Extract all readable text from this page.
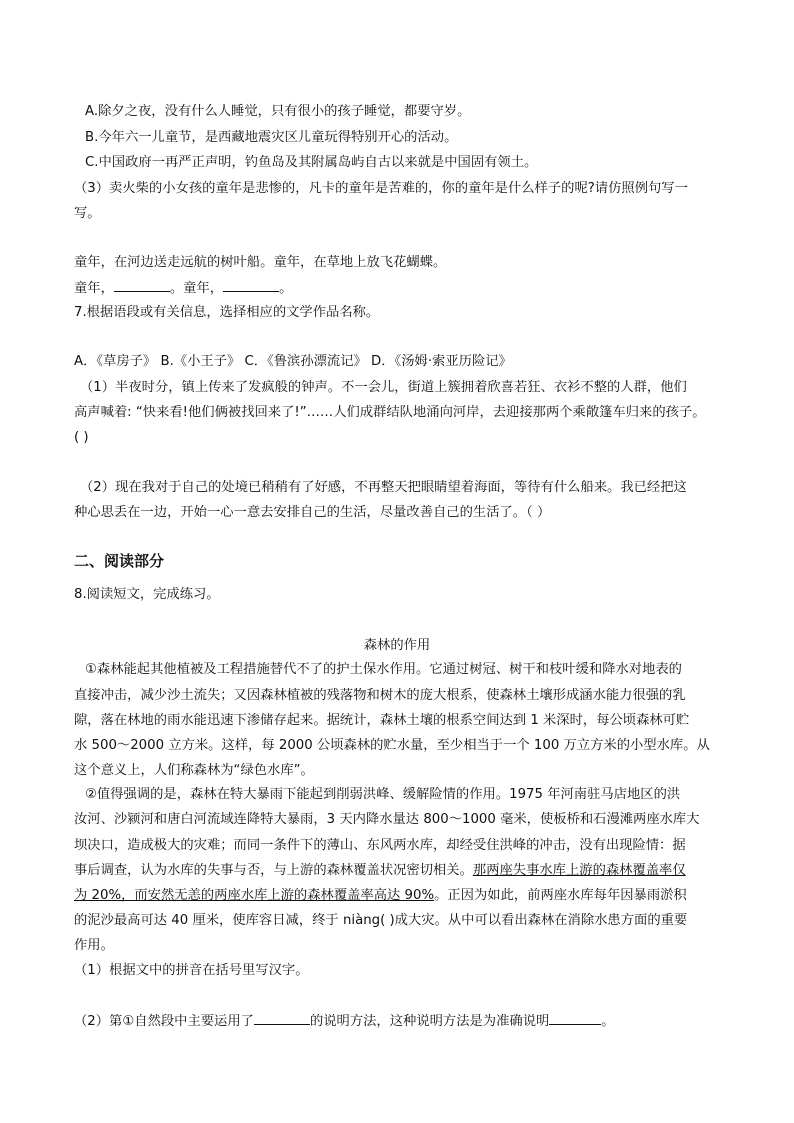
A.除夕之夜，没有什么人睡觉，只有很小的孩子睡觉，都要守岁。
B.今年六一儿童节，是西藏地震灾区儿童玩得特别开心的活动。
C.中国政府一再严正声明，钓鱼岛及其附属岛屿自古以来就是中国固有领土。
（3）卖火柴的小女孩的童年是悲惨的，凡卡的童年是苦难的，你的童年是什么样子的呢?请仿照例句写一
写。
童年，在河边送走远航的树叶船。童年，在草地上放飞花蝴蝶。
童年，	。童年，	。
7.根据语段或有关信息，选择相应的文学作品名称。
A．《草房子》 B.《小王子》 C．《鲁滨孙漂流记》 D．《汤姆·索亚历险记》
（1）半夜时分，镇上传来了发疯般的钟声。不一会儿，街道上簇拥着欣喜若狂、衣衫不整的人群，他们
高声喊着: “快来看!他们俩被找回来了!”……人们成群结队地涌向河岸，去迎接那两个乘敞篷车归来的孩子。
( )
（2）现在我对于自己的处境已稍稍有了好感，不再整天把眼睛望着海面，等待有什么船来。我已经把这
种心思丢在一边，开始一心一意去安排自己的生活，尽量改善自己的生活了。（ ）
二、阅读部分
8.阅读短文，完成练习。
森林的作用
①森林能起其他植被及工程措施替代不了的护土保水作用。它通过树冠、树干和枝叶缓和降水对地表的
直接冲击，减少沙土流失；又因森林植被的残落物和树木的庞大根系，使森林土壤形成涵水能力很强的乳
隙，落在林地的雨水能迅速下渗储存起来。据统计，森林土壤的根系空间达到 1 米深时，每公顷森林可贮
水 500～2000 立方米。这样，每 2000 公顷森林的贮水量，至少相当于一个 100 万立方米的小型水库。从
这个意义上，人们称森林为“绿色水库”。
②值得强调的是，森林在特大暴雨下能起到削弱洪峰、缓解险情的作用。1975 年河南驻马店地区的洪
汝河、沙颍河和唐白河流域连降特大暴雨，3 天内降水量达 800～1000 毫米，使板桥和石漫滩两座水库大
坝决口，造成极大的灾难；而同一条件下的薄山、东风两水库，却经受住洪峰的冲击，没有出现险情：据
事后调查，认为水库的失事与否，与上游的森林覆盖状况密切相关。那两座失事水库上游的森林覆盖率仅
为 20%，而安然无恙的两座水库上游的森林覆盖率高达 90%。正因为如此，前两座水库每年因暴雨淤积
的泥沙最高可达 40 厘米，使库容日减，终于 niàng( )成大灾。从中可以看出森林在消除水患方面的重要
作用。
（1）根据文中的拼音在括号里写汉字。
（2）第①自然段中主要运用了	的说明方法，这种说明方法是为准确说明	。
